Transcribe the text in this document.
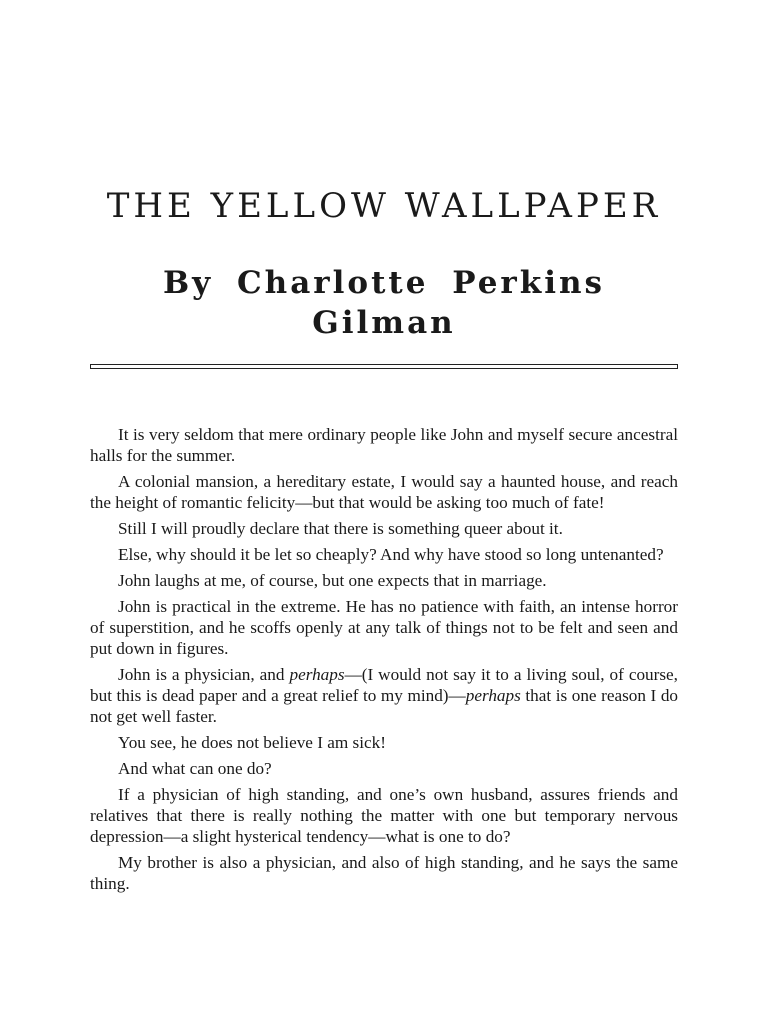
THE YELLOW WALLPAPER
By Charlotte Perkins Gilman

It is very seldom that mere ordinary people like John and myself secure ancestral halls for the summer.

A colonial mansion, a hereditary estate, I would say a haunted house, and reach the height of romantic felicity—but that would be asking too much of fate!

Still I will proudly declare that there is something queer about it.

Else, why should it be let so cheaply? And why have stood so long untenanted?

John laughs at me, of course, but one expects that in marriage.

John is practical in the extreme. He has no patience with faith, an intense horror of superstition, and he scoffs openly at any talk of things not to be felt and seen and put down in figures.

John is a physician, and perhaps—(I would not say it to a living soul, of course, but this is dead paper and a great relief to my mind)—perhaps that is one reason I do not get well faster.

You see, he does not believe I am sick!

And what can one do?

If a physician of high standing, and one’s own husband, assures friends and relatives that there is really nothing the matter with one but temporary nervous depression—a slight hysterical tendency—what is one to do?

My brother is also a physician, and also of high standing, and he says the same thing.
